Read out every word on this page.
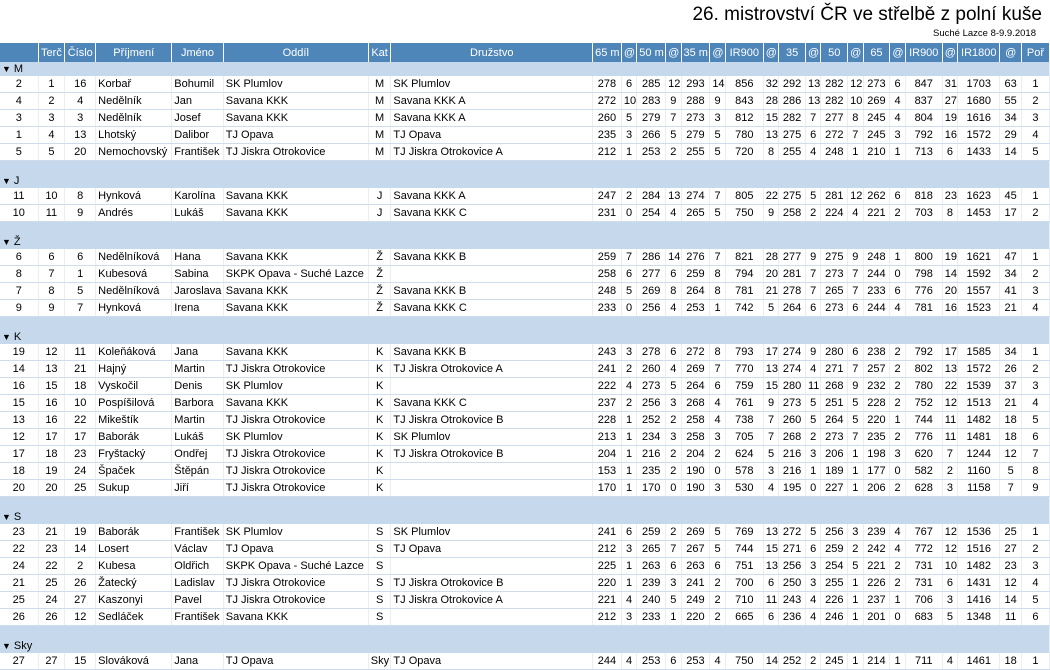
26. mistrovství ČR ve střelbě z polní kuše
Suché Lazce 8-9.9.2018
	Terč	Číslo	Příjmení	Jméno	Oddíl	Kat	Družstvo	65 m	@	50 m	@	35 m	@	IR900	@	35	@	50	@	65	@	IR900	@	IR1800	@	Poř
▼ M																										
2	1	16	Korbař	Bohumil	SK Plumlov	M	SK Plumlov	278	6	285	12	293	14	856	32	292	13	282	12	273	6	847	31	1703	63	1
4	2	4	Nedělník	Jan	Savana KKK	M	Savana KKK A	272	10	283	9	288	9	843	28	286	13	282	10	269	4	837	27	1680	55	2
3	3	3	Nedělník	Josef	Savana KKK	M	Savana KKK A	260	5	279	7	273	3	812	15	282	7	277	8	245	4	804	19	1616	34	3
1	4	13	Lhotský	Dalibor	TJ Opava	M	TJ Opava	235	3	266	5	279	5	780	13	275	6	272	7	245	3	792	16	1572	29	4
5	5	20	Nemochovský	František	TJ Jiskra Otrokovice	M	TJ Jiskra Otrokovice A	212	1	253	2	255	5	720	8	255	4	248	1	210	1	713	6	1433	14	5

▼ J																										
11	10	8	Hynková	Karolína	Savana KKK	J	Savana KKK A	247	2	284	13	274	7	805	22	275	5	281	12	262	6	818	23	1623	45	1
10	11	9	Andrés	Lukáš	Savana KKK	J	Savana KKK C	231	0	254	4	265	5	750	9	258	2	224	4	221	2	703	8	1453	17	2

▼ Ž																										
6	6	6	Nedělníková	Hana	Savana KKK	Ž	Savana KKK B	259	7	286	14	276	7	821	28	277	9	275	9	248	1	800	19	1621	47	1
8	7	1	Kubesová	Sabina	SKPK Opava - Suché Lazce	Ž		258	6	277	6	259	8	794	20	281	7	273	7	244	0	798	14	1592	34	2
7	8	5	Nedělníková	Jaroslava	Savana KKK	Ž	Savana KKK B	248	5	269	8	264	8	781	21	278	7	265	7	233	6	776	20	1557	41	3
9	9	7	Hynková	Irena	Savana KKK	Ž	Savana KKK C	233	0	256	4	253	1	742	5	264	6	273	6	244	4	781	16	1523	21	4

▼ K																										
19	12	11	Koleňáková	Jana	Savana KKK	K	Savana KKK B	243	3	278	6	272	8	793	17	274	9	280	6	238	2	792	17	1585	34	1
14	13	21	Hajný	Martin	TJ Jiskra Otrokovice	K	TJ Jiskra Otrokovice A	241	2	260	4	269	7	770	13	274	4	271	7	257	2	802	13	1572	26	2
16	15	18	Vyskočil	Denis	SK Plumlov	K		222	4	273	5	264	6	759	15	280	11	268	9	232	2	780	22	1539	37	3
15	16	10	Pospíšilová	Barbora	Savana KKK	K	Savana KKK C	237	2	256	3	268	4	761	9	273	5	251	5	228	2	752	12	1513	21	4
13	16	22	Mikeštík	Martin	TJ Jiskra Otrokovice	K	TJ Jiskra Otrokovice B	228	1	252	2	258	4	738	7	260	5	264	5	220	1	744	11	1482	18	5
12	17	17	Baborák	Lukáš	SK Plumlov	K	SK Plumlov	213	1	234	3	258	3	705	7	268	2	273	7	235	2	776	11	1481	18	6
17	18	23	Fryštacký	Ondřej	TJ Jiskra Otrokovice	K	TJ Jiskra Otrokovice B	204	1	216	2	204	2	624	5	216	3	206	1	198	3	620	7	1244	12	7
18	19	24	Špaček	Štěpán	TJ Jiskra Otrokovice	K		153	1	235	2	190	0	578	3	216	1	189	1	177	0	582	2	1160	5	8
20	20	25	Sukup	Jiří	TJ Jiskra Otrokovice	K		170	1	170	0	190	3	530	4	195	0	227	1	206	2	628	3	1158	7	9

▼ S																										
23	21	19	Baborák	František	SK Plumlov	S	SK Plumlov	241	6	259	2	269	5	769	13	272	5	256	3	239	4	767	12	1536	25	1
22	23	14	Losert	Václav	TJ Opava	S	TJ Opava	212	3	265	7	267	5	744	15	271	6	259	2	242	4	772	12	1516	27	2
24	22	2	Kubesa	Oldřich	SKPK Opava - Suché Lazce	S		225	1	263	6	263	6	751	13	256	3	254	5	221	2	731	10	1482	23	3
21	25	26	Žatecký	Ladislav	TJ Jiskra Otrokovice	S	TJ Jiskra Otrokovice B	220	1	239	3	241	2	700	6	250	3	255	1	226	2	731	6	1431	12	4
25	24	27	Kaszonyi	Pavel	TJ Jiskra Otrokovice	S	TJ Jiskra Otrokovice A	221	4	240	5	249	2	710	11	243	4	226	1	237	1	706	3	1416	14	5
26	26	12	Sedláček	František	Savana KKK	S		212	3	233	1	220	2	665	6	236	4	246	1	201	0	683	5	1348	11	6

▼ Sky																										
27	27	15	Slováková	Jana	TJ Opava	Sky	TJ Opava	244	4	253	6	253	4	750	14	252	2	245	1	214	1	711	4	1461	18	1
